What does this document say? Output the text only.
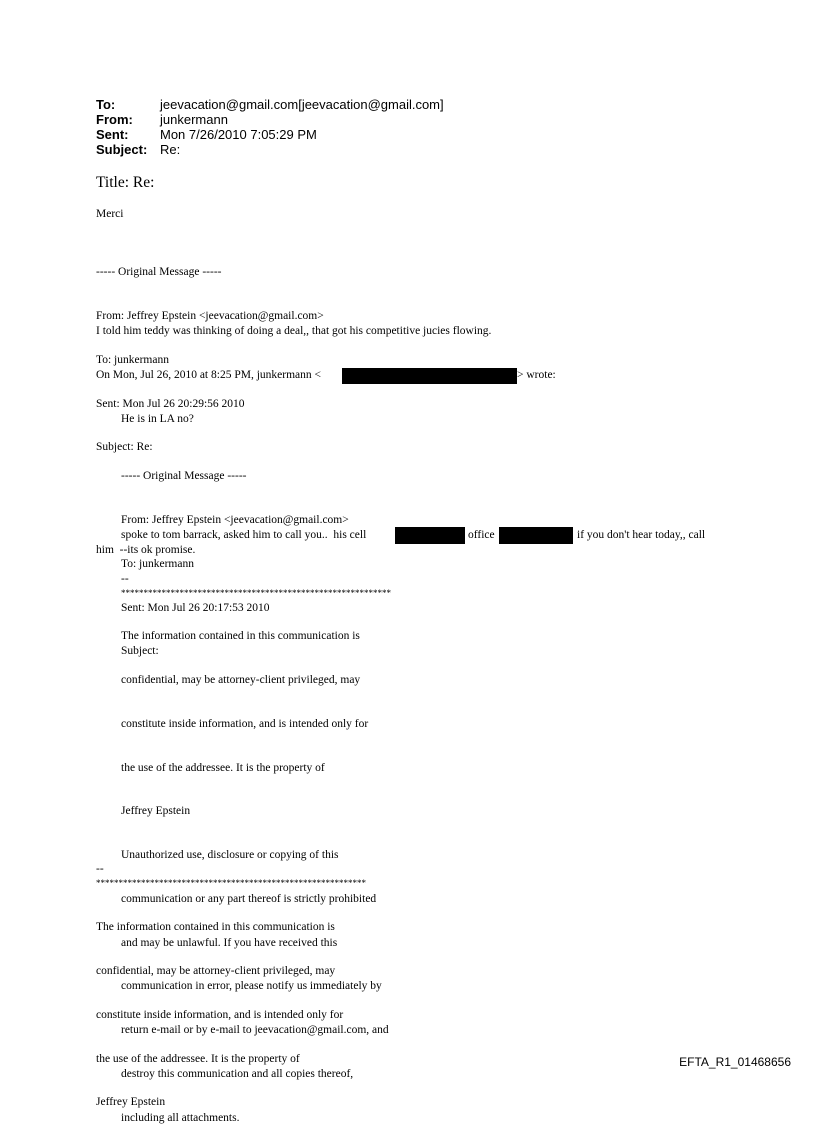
To:	jeevacation@gmail.com[jeevacation@gmail.com]
From: junkermann
Sent: Mon 7/26/2010 7:05:29 PM
Subject: Re:
Title: Re:
Merci

----- Original Message -----

From: Jeffrey Epstein <jeevacation@gmail.com>

To: junkermann

Sent: Mon Jul 26 20:29:56 2010

Subject: Re:

I told him teddy was thinking of doing a deal,, that got his competitive jucies flowing.
On Mon, Jul 26, 2010 at 8:25 PM, junkermann <	> wrote:
He is in LA no?

----- Original Message -----

From: Jeffrey Epstein <jeevacation@gmail.com>

To: junkermann

Sent: Mon Jul 26 20:17:53 2010

Subject:

spoke to tom barrack, asked him to call you..  his cell	office	if you don't hear today,, call
him  --its ok promise.
--
************************************************************

The information contained in this communication is

confidential, may be attorney-client privileged, may

constitute inside information, and is intended only for

the use of the addressee. It is the property of

Jeffrey Epstein

Unauthorized use, disclosure or copying of this

communication or any part thereof is strictly prohibited

and may be unlawful. If you have received this

communication in error, please notify us immediately by

return e-mail or by e-mail to jeevacation@gmail.com, and

destroy this communication and all copies thereof,

including all attachments.

--
************************************************************

The information contained in this communication is

confidential, may be attorney-client privileged, may

constitute inside information, and is intended only for

the use of the addressee. It is the property of

Jeffrey Epstein

EFTA_R1_01468656
